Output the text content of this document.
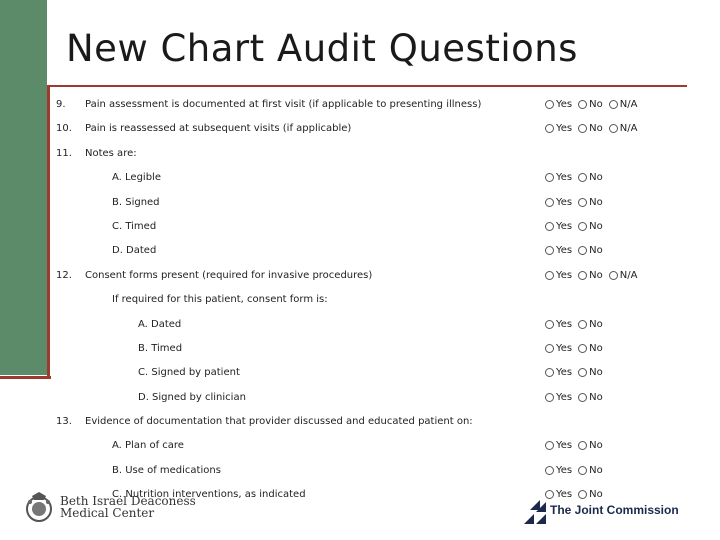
New Chart Audit Questions
9. Pain assessment is documented at first visit (if applicable to presenting illness)	Yes No N/A
10. Pain is reassessed at subsequent visits (if applicable)	Yes No N/A
11. Notes are:
A. Legible	Yes No
B. Signed	Yes No
C. Timed	Yes No
D. Dated	Yes No
12. Consent forms present (required for invasive procedures)	Yes No N/A
If required for this patient, consent form is:
A. Dated	Yes No
B. Timed	Yes No
C. Signed by patient	Yes No
D. Signed by clinician	Yes No
13. Evidence of documentation that provider discussed and educated patient on:
A. Plan of care	Yes No
B. Use of medications	Yes No
C. Nutrition interventions, as indicated	Yes No
Beth Israel Deaconess
Medical Center	The Joint Commission
